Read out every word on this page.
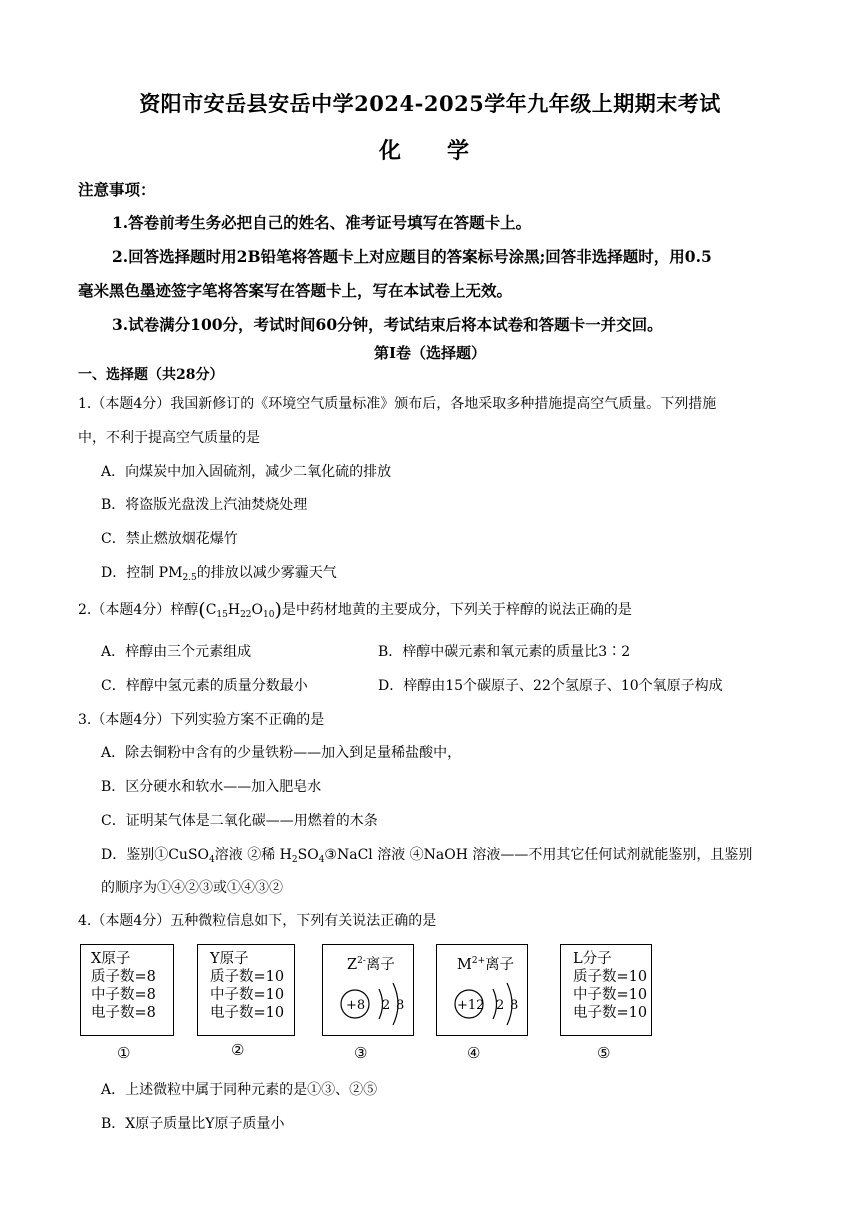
资阳市安岳县安岳中学2024-2025学年九年级上期期末考试
化　学
注意事项：
1.答卷前考生务必把自己的姓名、准考证号填写在答题卡上。
2.回答选择题时用2B铅笔将答题卡上对应题目的答案标号涂黑;回答非选择题时，用0.5
毫米黑色墨迹签字笔将答案写在答题卡上，写在本试卷上无效。
3.试卷满分100分，考试时间60分钟，考试结束后将本试卷和答题卡一并交回。
第Ⅰ卷（选择题）
一、选择题（共28分）
1.（本题4分）我国新修订的《环境空气质量标准》颁布后，各地采取多种措施提高空气质量。下列措施
中，不利于提高空气质量的是
A．向煤炭中加入固硫剂，减少二氧化硫的排放
B．将盗版光盘泼上汽油焚烧处理
C．禁止燃放烟花爆竹
D．控制 $PM_{2.5}$的排放以减少雾霾天气
2.（本题4分）梓醇$(C_{15}H_{22}O_{10})$是中药材地黄的主要成分，下列关于梓醇的说法正确的是
A．梓醇由三个元素组成	B．梓醇中碳元素和氧元素的质量比3∶2
C．梓醇中氢元素的质量分数最小	D．梓醇由15个碳原子、22个氢原子、10个氧原子构成
3.（本题4分）下列实验方案不正确的是
A．除去铜粉中含有的少量铁粉——加入到足量稀盐酸中，
B．区分硬水和软水——加入肥皂水
C．证明某气体是二氧化碳——用燃着的木条
D．鉴别①CuSO$_4$溶液 ②稀 $H_2SO_4③NaCl$ 溶液 ④NaOH 溶液——不用其它任何试剂就能鉴别，且鉴别
的顺序为①④②③或①④③②
4.（本题4分）五种微粒信息如下，下列有关说法正确的是
X原子
质子数=8
中子数=8
电子数=8
①
Y原子
质子数=10
中子数=10
电子数=10
②
$Z^{2-}$离子
+8 2 8
③
$M^{2+}$离子
+12 2 8
④
L分子
质子数=10
中子数=10
电子数=10
⑤
A．上述微粒中属于同种元素的是①③、②⑤
B．X原子质量比Y原子质量小
